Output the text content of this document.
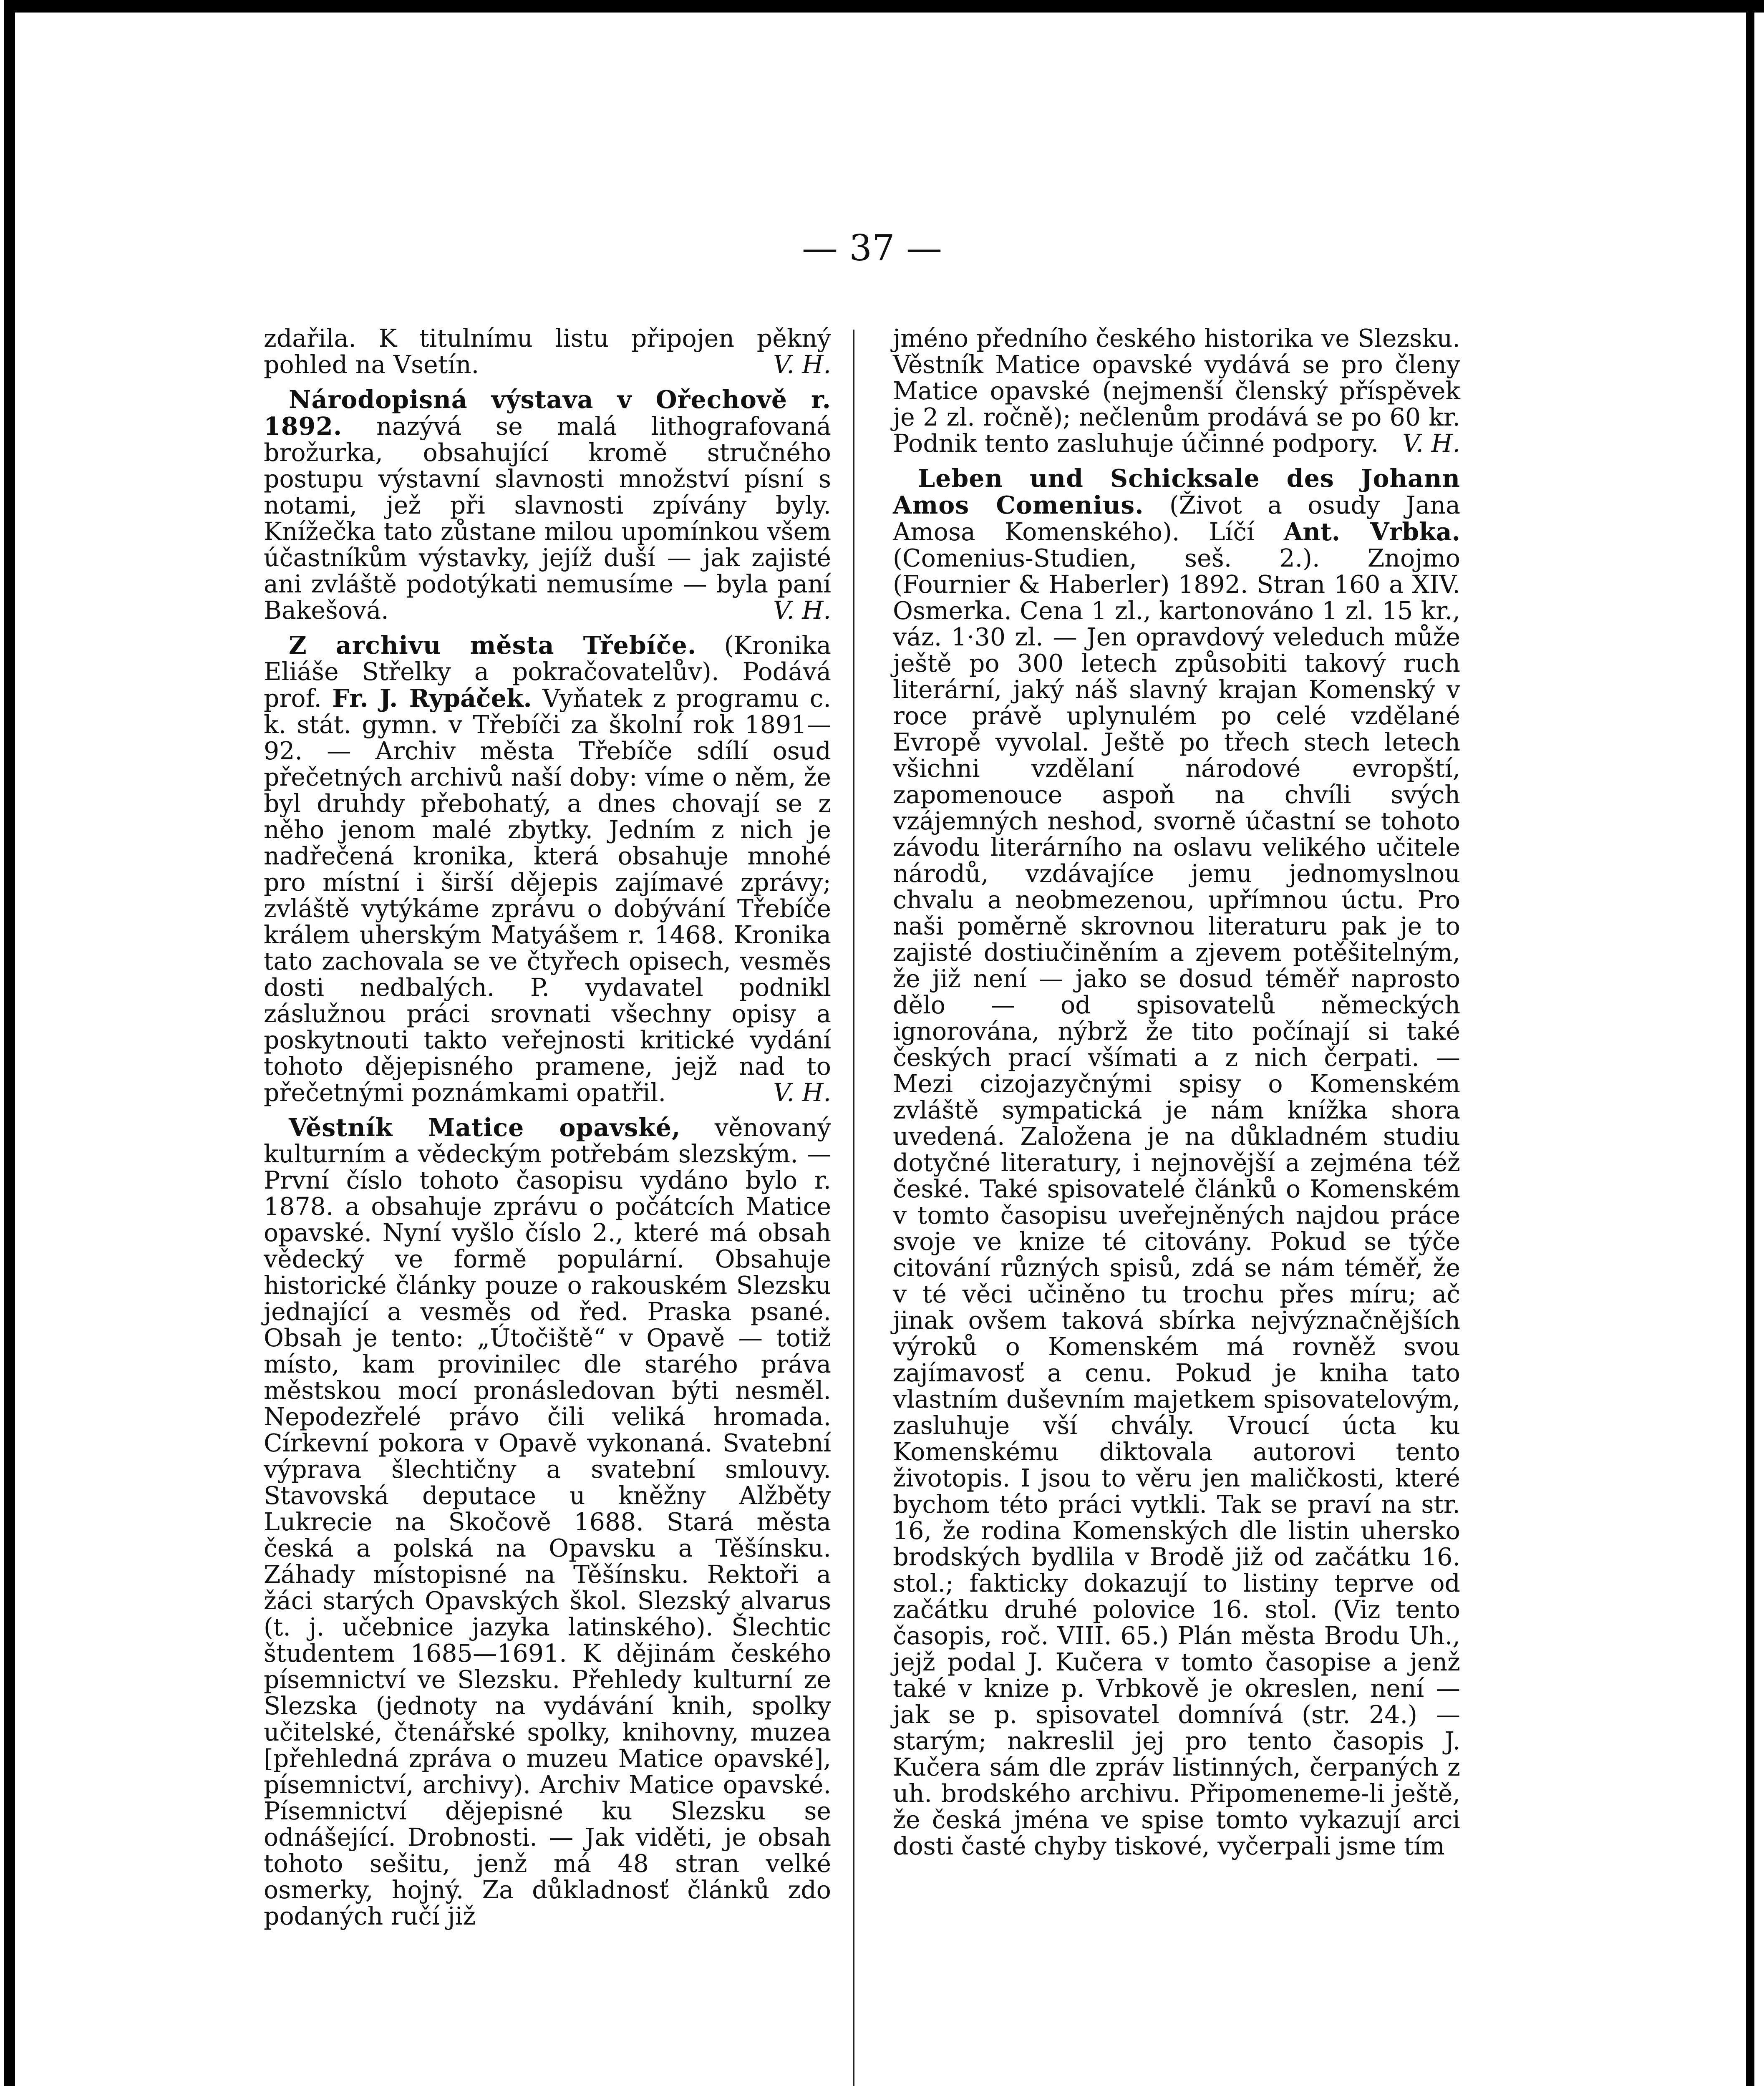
— 37 —

zdařila. K titulnímu listu připojen pěkný pohled na Vsetín.	V. H.

Národopisná výstava v Ořechově r. 1892. nazývá se malá lithografovaná brožurka, obsahující kromě stručného postupu výstavní slavnosti množství písní s notami, jež při slavnosti zpívány byly. Knížečka tato zůstane milou upomínkou všem účastníkům výstavky, jejíž duší — jak zajisté ani zvláště podotýkati nemusíme — byla paní Bakešová.	V. H.

Z archivu města Třebíče. (Kronika Eliáše Střelky a pokračovatelův). Podává prof. Fr. J. Rypáček. Vyňatek z programu c. k. stát. gymn. v Třebíči za školní rok 1891—92. — Archiv města Třebíče sdílí osud přečetných archivů naší doby: víme o něm, že byl druhdy přebohatý, a dnes chovají se z něho jenom malé zbytky. Jedním z nich je nadřečená kronika, která obsahuje mnohé pro místní i širší dějepis zajímavé zprávy; zvláště vytýkáme zprávu o dobývání Třebíče králem uherským Matyášem r. 1468. Kronika tato zachovala se ve čtyřech opisech, vesměs dosti nedbalých. P. vydavatel podnikl záslužnou práci srovnati všechny opisy a poskytnouti takto veřejnosti kritické vydání tohoto dějepisného pramene, jejž nad to přečetnými poznámkami opatřil.	V. H.

Věstník Matice opavské, věnovaný kulturním a vědeckým potřebám slezským. — První číslo tohoto časopisu vydáno bylo r. 1878. a obsahuje zprávu o počátcích Matice opavské. Nyní vyšlo číslo 2., které má obsah vědecký ve formě populární. Obsahuje historické články pouze o rakouském Slezsku jednající a vesměs od řed. Praska psané. Obsah je tento: „Útočiště“ v Opavě — totiž místo, kam provinilec dle starého práva městskou mocí pronásledovan býti nesměl. Nepodezřelé právo čili veliká hromada. Církevní pokora v Opavě vykonaná. Svatební výprava šlechtičny a svatební smlouvy. Stavovská deputace u kněžny Alžběty Lukrecie na Skočově 1688. Stará města česká a polská na Opavsku a Těšínsku. Záhady místopisné na Těšínsku. Rektoři a žáci starých Opavských škol. Slezský alvarus (t. j. učebnice jazyka latinského). Šlechtic študentem 1685—1691. K dějinám českého písemnictví ve Slezsku. Přehledy kulturní ze Slezska (jednoty na vydávání knih, spolky učitelské, čtenářské spolky, knihovny, muzea [přehledná zpráva o muzeu Matice opavské], písemnictví, archivy). Archiv Matice opavské. Písemnictví dějepisné ku Slezsku se odnášející. Drobnosti. — Jak viděti, je obsah tohoto sešitu, jenž má 48 stran velké osmerky, hojný. Za důkladnosť článků zdo podaných ručí již

jméno předního českého historika ve Slezsku. Věstník Matice opavské vydává se pro členy Matice opavské (nejmenší členský příspěvek je 2 zl. ročně); nečlenům prodává se po 60 kr. Podnik tento zasluhuje účinné podpory. V. H.

Leben und Schicksale des Johann Amos Comenius. (Život a osudy Jana Amosa Komenského). Líčí Ant. Vrbka. (Comenius-Studien, seš. 2.). Znojmo (Fournier & Haberler) 1892. Stran 160 a XIV. Osmerka. Cena 1 zl., kartonováno 1 zl. 15 kr., váz. 1·30 zl. — Jen opravdový veleduch může ještě po 300 letech způsobiti takový ruch literární, jaký náš slavný krajan Komenský v roce právě uplynulém po celé vzdělané Evropě vyvolal. Ještě po třech stech letech všichni vzdělaní národové evropští, zapomenouce aspoň na chvíli svých vzájemných neshod, svorně účastní se tohoto závodu literárního na oslavu velikého učitele národů, vzdávajíce jemu jednomyslnou chvalu a neobmezenou, upřímnou úctu. Pro naši poměrně skrovnou literaturu pak je to zajisté dostiučiněním a zjevem potěšitelným, že již není — jako se dosud téměř naprosto dělo — od spisovatelů německých ignorována, nýbrž že tito počínají si také českých prací všímati a z nich čerpati. — Mezi cizojazyčnými spisy o Komenském zvláště sympatická je nám knížka shora uvedená. Založena je na důkladném studiu dotyčné literatury, i nejnovější a zejména též české. Také spisovatelé článků o Komenském v tomto časopisu uveřejněných najdou práce svoje ve knize té citovány. Pokud se týče citování různých spisů, zdá se nám téměř, že v té věci učiněno tu trochu přes míru; ač jinak ovšem taková sbírka nejvýznačnějších výroků o Komenském má rovněž svou zajímavosť a cenu. Pokud je kniha tato vlastním duševním majetkem spisovatelovým, zasluhuje vší chvály. Vroucí úcta ku Komenskému diktovala autorovi tento životopis. I jsou to věru jen maličkosti, které bychom této práci vytkli. Tak se praví na str. 16, že rodina Komenských dle listin uhersko brodských bydlila v Brodě již od začátku 16. stol.; fakticky dokazují to listiny teprve od začátku druhé polovice 16. stol. (Viz tento časopis, roč. VIII. 65.) Plán města Brodu Uh., jejž podal J. Kučera v tomto časopise a jenž také v knize p. Vrbkově je okreslen, není — jak se p. spisovatel domnívá (str. 24.) — starým; nakreslil jej pro tento časopis J. Kučera sám dle zpráv listinných, čerpaných z uh. brodského archivu. Připomeneme-li ještě, že česká jména ve spise tomto vykazují arci dosti časté chyby tiskové, vyčerpali jsme tím
